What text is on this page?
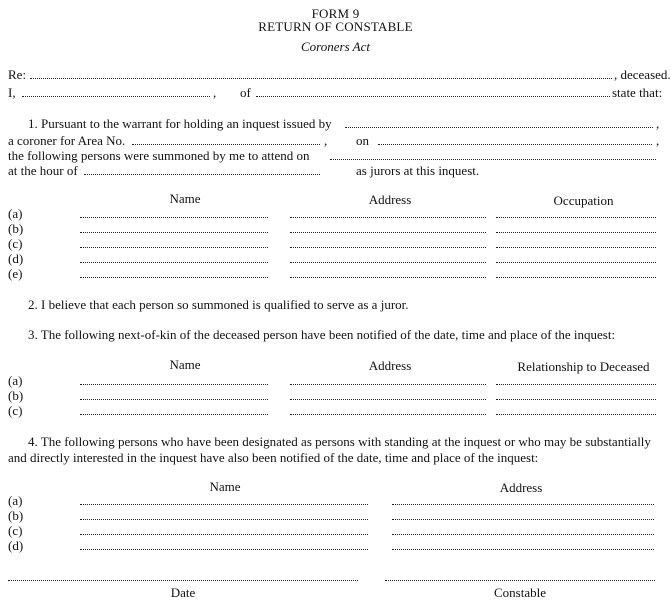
FORM 9
RETURN OF CONSTABLE
Coroners Act
Re:	, deceased.
I,	, of	state that:
1. Pursuant to the warrant for holding an inquest issued by	,
a coroner for Area No.	, on	,
the following persons were summoned by me to attend on
at the hour of	as jurors at this inquest.
Name	Address	Occupation
(a)
(b)
(c)
(d)
(e)
2. I believe that each person so summoned is qualified to serve as a juror.
3. The following next-of-kin of the deceased person have been notified of the date, time and place of the inquest:
Name	Address	Relationship to Deceased
(a)
(b)
(c)
4. The following persons who have been designated as persons with standing at the inquest or who may be substantially
and directly interested in the inquest have also been notified of the date, time and place of the inquest:
Name	Address
(a)
(b)
(c)
(d)
Date	Constable
